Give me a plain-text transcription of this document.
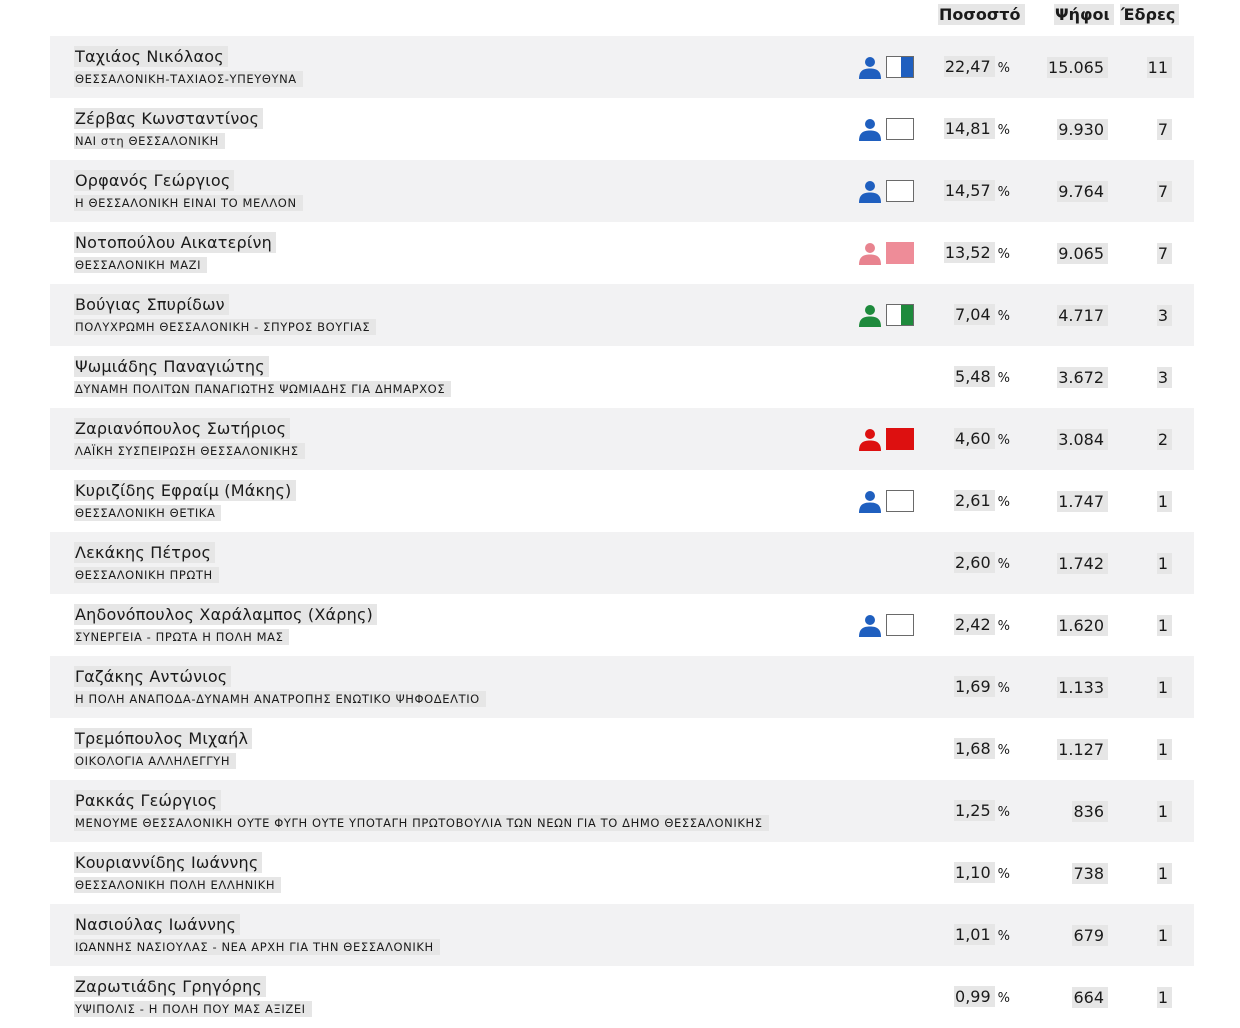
Ποσοστό Ψήφοι Έδρες
Ταχιάος Νικόλαος
ΘΕΣΣΑΛΟΝΙΚΗ-ΤΑΧΙΑΟΣ-ΥΠΕΥΘΥΝΑ
22,47 % 15.065	11
Ζέρβας Κωνσταντίνος
ΝΑΙ στη ΘΕΣΣΑΛΟΝΙΚΗ
14,81 %	9.930	7
Ορφανός Γεώργιος
Η ΘΕΣΣΑΛΟΝΙΚΗ ΕΙΝΑΙ ΤΟ ΜΕΛΛΟΝ
14,57 %	9.764	7
Νοτοπούλου Αικατερίνη
ΘΕΣΣΑΛΟΝΙΚΗ ΜΑΖΙ
13,52 %	9.065	7
Βούγιας Σπυρίδων
ΠΟΛΥΧΡΩΜΗ ΘΕΣΣΑΛΟΝΙΚΗ - ΣΠΥΡΟΣ ΒΟΥΓΙΑΣ
7,04 %	4.717	3
Ψωμιάδης Παναγιώτης
ΔΥΝΑΜΗ ΠΟΛΙΤΩΝ ΠΑΝΑΓΙΩΤΗΣ ΨΩΜΙΑΔΗΣ ΓΙΑ ΔΗΜΑΡΧΟΣ
5,48 %	3.672	3
Ζαριανόπουλος Σωτήριος
ΛΑΪΚΗ ΣΥΣΠΕΙΡΩΣΗ ΘΕΣΣΑΛΟΝΙΚΗΣ
4,60 %	3.084	2
Κυριζίδης Εφραίμ (Μάκης)
ΘΕΣΣΑΛΟΝΙΚΗ ΘΕΤΙΚΑ
2,61 %	1.747	1
Λεκάκης Πέτρος
ΘΕΣΣΑΛΟΝΙΚΗ ΠΡΩΤΗ
2,60 %	1.742	1
Αηδονόπουλος Χαράλαμπος (Χάρης)
ΣΥΝΕΡΓΕΙΑ - ΠΡΩΤΑ Η ΠΟΛΗ ΜΑΣ
2,42 %	1.620	1
Γαζάκης Αντώνιος
Η ΠΟΛΗ ΑΝΑΠΟΔΑ-ΔΥΝΑΜΗ ΑΝΑΤΡΟΠΗΣ ΕΝΩΤΙΚΟ ΨΗΦΟΔΕΛΤΙΟ
1,69 %	1.133	1
Τρεμόπουλος Μιχαήλ
ΟΙΚΟΛΟΓΙΑ ΑΛΛΗΛΕΓΓΥΗ
1,68 %	1.127	1
Ρακκάς Γεώργιος
ΜΕΝΟΥΜΕ ΘΕΣΣΑΛΟΝΙΚΗ ΟΥΤΕ ΦΥΓΗ ΟΥΤΕ ΥΠΟΤΑΓΗ ΠΡΩΤΟΒΟΥΛΙΑ ΤΩΝ ΝΕΩΝ ΓΙΑ ΤΟ ΔΗΜΟ ΘΕΣΣΑΛΟΝΙΚΗΣ
1,25 %	836	1
Κουριαννίδης Ιωάννης
ΘΕΣΣΑΛΟΝΙΚΗ ΠΟΛΗ ΕΛΛΗΝΙΚΗ
1,10 %	738	1
Νασιούλας Ιωάννης
ΙΩΑΝΝΗΣ ΝΑΣΙΟΥΛΑΣ - ΝΕΑ ΑΡΧΗ ΓΙΑ ΤΗΝ ΘΕΣΣΑΛΟΝΙΚΗ
1,01 %	679	1
Ζαρωτιάδης Γρηγόρης
ΥΨΙΠΟΛΙΣ - Η ΠΟΛΗ ΠΟΥ ΜΑΣ ΑΞΙΖΕΙ
0,99 %	664	1
